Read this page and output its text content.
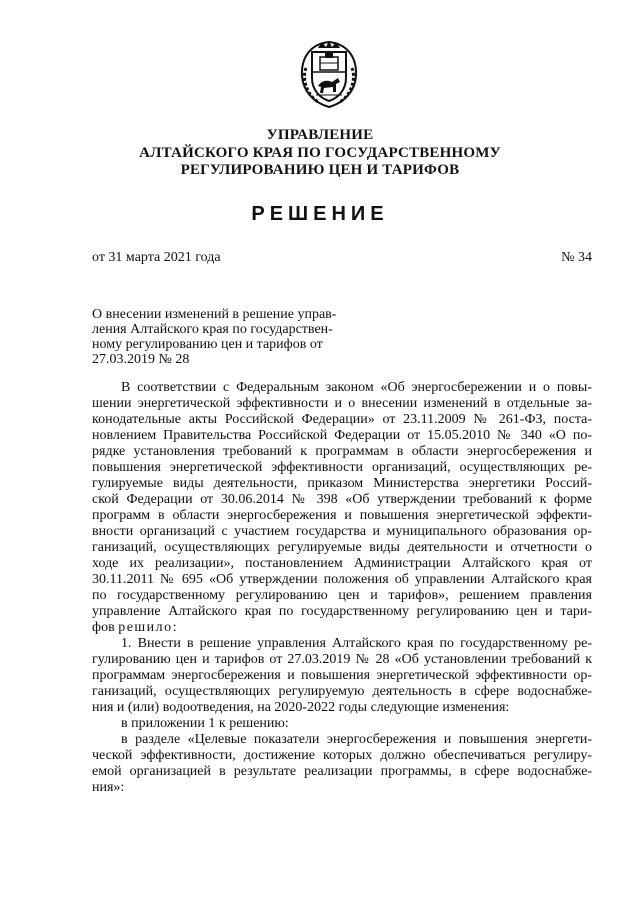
УПРАВЛЕНИЕ
АЛТАЙСКОГО КРАЯ ПО ГОСУДАРСТВЕННОМУ
РЕГУЛИРОВАНИЮ ЦЕН И ТАРИФОВ
РЕШЕНИЕ
от 31 марта 2021 года	№ 34
О внесении изменений в решение управ-
ления Алтайского края по государствен-
ному регулированию цен и тарифов от
27.03.2019 № 28
В соответствии с Федеральным законом «Об энергосбережении и о повы-
шении энергетической эффективности и о внесении изменений в отдельные за-
конодательные акты Российской Федерации» от 23.11.2009 № 261-ФЗ, поста-
новлением Правительства Российской Федерации от 15.05.2010 № 340 «О по-
рядке установления требований к программам в области энергосбережения и
повышения энергетической эффективности организаций, осуществляющих ре-
гулируемые виды деятельности, приказом Министерства энергетики Россий-
ской Федерации от 30.06.2014 № 398 «Об утверждении требований к форме
программ в области энергосбережения и повышения энергетической эффекти-
вности организаций с участием государства и муниципального образования ор-
ганизаций, осуществляющих регулируемые виды деятельности и отчетности о
ходе их реализации», постановлением Администрации Алтайского края от
30.11.2011 № 695 «Об утверждении положения об управлении Алтайского края
по государственному регулированию цен и тарифов», решением правления
управление Алтайского края по государственному регулированию цен и тари-
фов решило:
1. Внести в решение управления Алтайского края по государственному ре-
гулированию цен и тарифов от 27.03.2019 № 28 «Об установлении требований к
программам энергосбережения и повышения энергетической эффективности ор-
ганизаций, осуществляющих регулируемую деятельность в сфере водоснабже-
ния и (или) водоотведения, на 2020-2022 годы следующие изменения:
в приложении 1 к решению:
в разделе «Целевые показатели энергосбережения и повышения энергети-
ческой эффективности, достижение которых должно обеспечиваться регулиру-
емой организацией в результате реализации программы, в сфере водоснабже-
ния»:
